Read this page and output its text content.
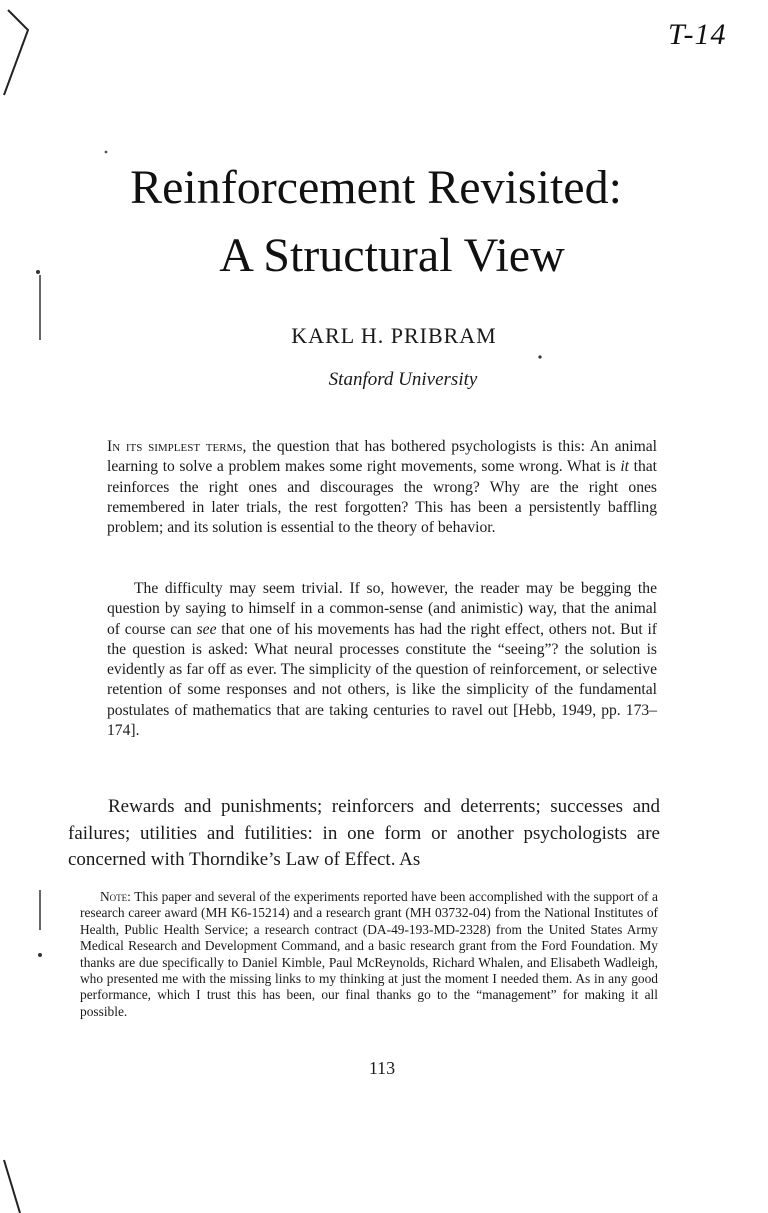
T-14
Reinforcement Revisited:
A Structural View
KARL H. PRIBRAM
Stanford University

In its simplest terms, the question that has bothered psychologists is this: An animal learning to solve a problem makes some right movements, some wrong. What is it that reinforces the right ones and discourages the wrong? Why are the right ones remembered in later trials, the rest forgotten? This has been a persistently baffling problem; and its solution is essential to the theory of behavior.

The difficulty may seem trivial. If so, however, the reader may be begging the question by saying to himself in a common-sense (and animistic) way, that the animal of course can see that one of his movements has had the right effect, others not. But if the question is asked: What neural processes constitute the “seeing”? the solution is evidently as far off as ever. The simplicity of the question of reinforcement, or selective retention of some responses and not others, is like the simplicity of the fundamental postulates of mathematics that are taking centuries to ravel out [Hebb, 1949, pp. 173–174].

Rewards and punishments; reinforcers and deterrents; successes and failures; utilities and futilities: in one form or another psychologists are concerned with Thorndike’s Law of Effect. As

Note: This paper and several of the experiments reported have been accomplished with the support of a research career award (MH K6-15214) and a research grant (MH 03732-04) from the National Institutes of Health, Public Health Service; a research contract (DA-49-193-MD-2328) from the United States Army Medical Research and Development Command, and a basic research grant from the Ford Foundation. My thanks are due specifically to Daniel Kimble, Paul McReynolds, Richard Whalen, and Elisabeth Wadleigh, who presented me with the missing links to my thinking at just the moment I needed them. As in any good performance, which I trust this has been, our final thanks go to the “management” for making it all possible.

113
